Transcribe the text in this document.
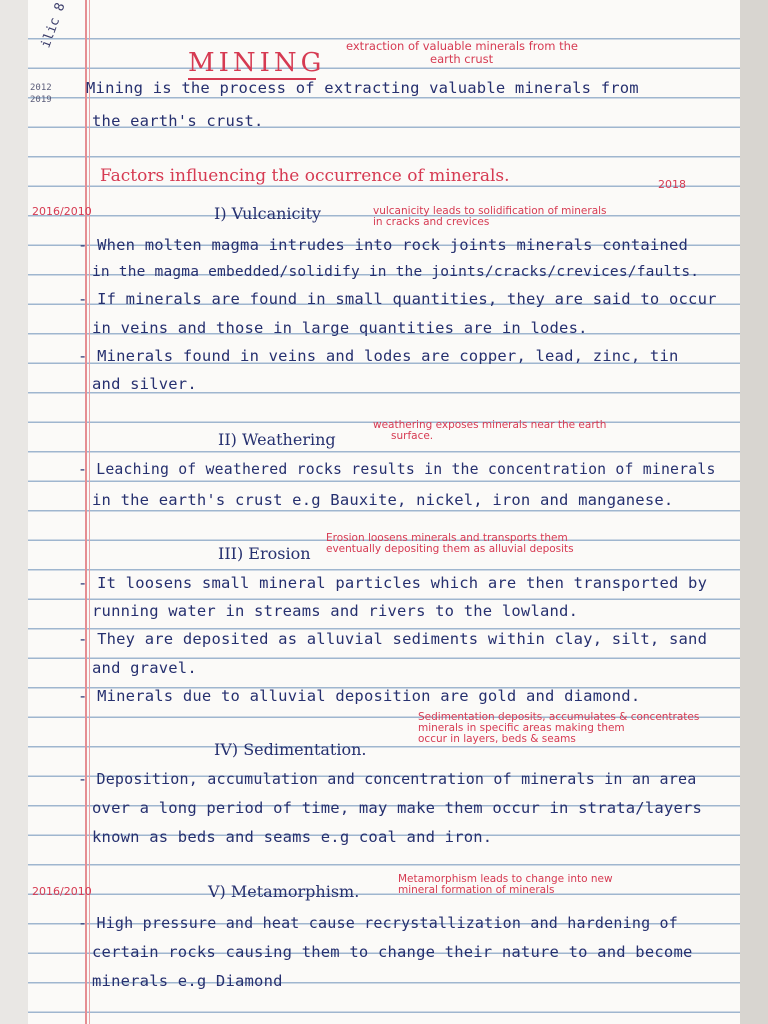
ilic 8
2012
2019
MINING
extraction of valuable minerals from the
earth crust
Mining is the process of extracting valuable minerals from
the earth's crust.
Factors influencing the occurrence of minerals.	2018
2016/2010	I) Vulcanicity	vulcanicity leads to solidification of minerals
in cracks and crevices
- When molten magma intrudes into rock joints minerals contained
in the magma embedded/solidify in the joints/cracks/crevices/faults.
- If minerals are found in small quantities, they are said to occur
in veins and those in large quantities are in lodes.
- Minerals found in veins and lodes are copper, lead, zinc, tin
and silver.
II) Weathering
weathering exposes minerals near the earth
surface.
- Leaching of weathered rocks results in the concentration of minerals
in the earth's crust e.g Bauxite, nickel, iron and manganese.
III) Erosion
Erosion loosens minerals and transports them
eventually depositing them as alluvial deposits
- It loosens small mineral particles which are then transported by
running water in streams and rivers to the lowland.
- They are deposited as alluvial sediments within clay, silt, sand
and gravel.
- Minerals due to alluvial deposition are gold and diamond.
IV) Sedimentation.
Sedimentation deposits, accumulates & concentrates
minerals in specific areas making them
occur in layers, beds & seams
- Deposition, accumulation and concentration of minerals in an area
over a long period of time, may make them occur in strata/layers
known as beds and seams e.g coal and iron.
2016/2010	V) Metamorphism.
Metamorphism leads to change into new
mineral formation of minerals
- High pressure and heat cause recrystallization and hardening of
certain rocks causing them to change their nature to and become
minerals e.g Diamond
